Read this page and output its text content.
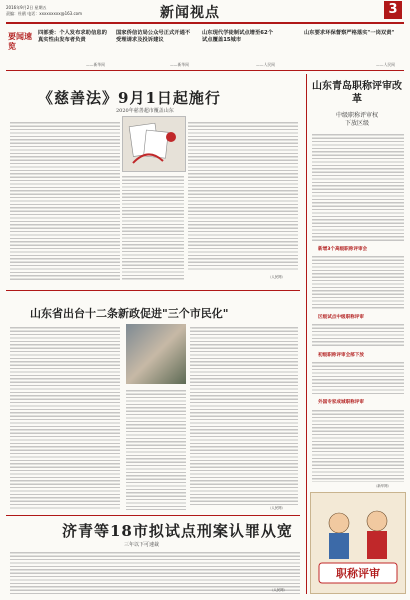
2016年9月2日 星期五
责编：杜鹃 电话：xxxxxxxxx@163.com	新闻视点	3
要闻速览
四部委：个人发布求助信息的真实性由发布者负责
国家侨信访局公众号正式开通不受理请求及投诉建议
山东现代学徒制试点增至62个 试点覆盖15城市
山东要求环保督察严格落实"一岗双责"
——新华网	——新华网	——人民网	——人民网
《慈善法》9月1日起施行
2020年慈善超市覆盖山东
（人民网）
山东省出台十二条新政促进"三个市民化"
（人民网）
济青等18市拟试点刑案认罪从宽
三年以下可速裁
（人民网）
山东青岛职称评审改革
中级职称评审权
下放区级
新增3个高级职称评审会
区级试点中级职称评审
初级职称评审全部下放
外国专家成城职称评审
（新华网）
职称评审
